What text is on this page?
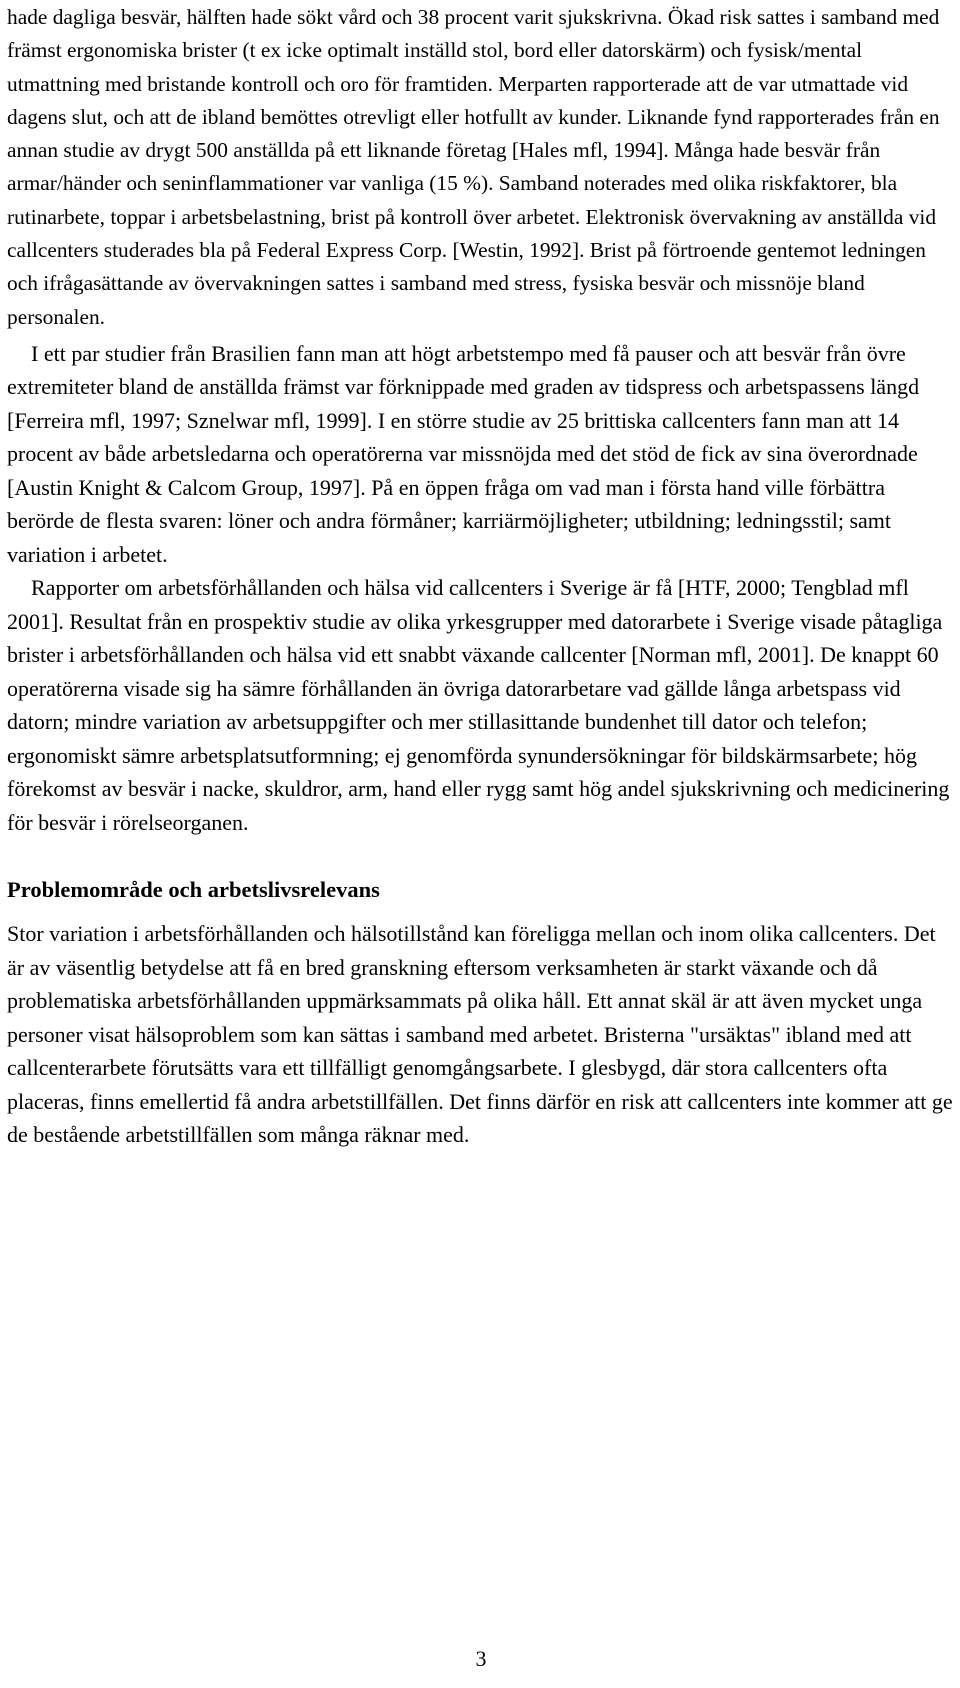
hade dagliga besvär, hälften hade sökt vård och 38 procent varit sjukskrivna. Ökad risk sattes i samband med främst ergonomiska brister (t ex icke optimalt inställd stol, bord eller datorskärm) och fysisk/mental utmattning med bristande kontroll och oro för framtiden. Merparten rapporterade att de var utmattade vid dagens slut, och att de ibland bemöttes otrevligt eller hotfullt av kunder. Liknande fynd rapporterades från en annan studie av drygt 500 anställda på ett liknande företag [Hales mfl, 1994]. Många hade besvär från armar/händer och seninflammationer var vanliga (15 %). Samband noterades med olika riskfaktorer, bla rutinarbete, toppar i arbetsbelastning, brist på kontroll över arbetet. Elektronisk övervakning av anställda vid callcenters studerades bla på Federal Express Corp. [Westin, 1992]. Brist på förtroende gentemot ledningen och ifrågasättande av övervakningen sattes i samband med stress, fysiska besvär och missnöje bland personalen.

I ett par studier från Brasilien fann man att högt arbetstempo med få pauser och att besvär från övre extremiteter bland de anställda främst var förknippade med graden av tidspress och arbetspassens längd [Ferreira mfl, 1997; Sznelwar mfl, 1999]. I en större studie av 25 brittiska callcenters fann man att 14 procent av både arbetsledarna och operatörerna var missnöjda med det stöd de fick av sina överordnade [Austin Knight & Calcom Group, 1997]. På en öppen fråga om vad man i första hand ville förbättra berörde de flesta svaren: löner och andra förmåner; karriärmöjligheter; utbildning; ledningsstil; samt variation i arbetet.

Rapporter om arbetsförhållanden och hälsa vid callcenters i Sverige är få [HTF, 2000; Tengblad mfl 2001]. Resultat från en prospektiv studie av olika yrkesgrupper med datorarbete i Sverige visade påtagliga brister i arbetsförhållanden och hälsa vid ett snabbt växande callcenter [Norman mfl, 2001]. De knappt 60 operatörerna visade sig ha sämre förhållanden än övriga datorarbetare vad gällde långa arbetspass vid datorn; mindre variation av arbetsuppgifter och mer stillasittande bundenhet till dator och telefon; ergonomiskt sämre arbetsplatsutformning; ej genomförda synundersökningar för bildskärmsarbete; hög förekomst av besvär i nacke, skuldror, arm, hand eller rygg samt hög andel sjukskrivning och medicinering för besvär i rörelseorganen.

Problemområde och arbetslivsrelevans

Stor variation i arbetsförhållanden och hälsotillstånd kan föreligga mellan och inom olika callcenters. Det är av väsentlig betydelse att få en bred granskning eftersom verksamheten är starkt växande och då problematiska arbetsförhållanden uppmärksammats på olika håll. Ett annat skäl är att även mycket unga personer visat hälsoproblem som kan sättas i samband med arbetet. Bristerna "ursäktas" ibland med att callcenterarbete förutsätts vara ett tillfälligt genomgångsarbete. I glesbygd, där stora callcenters ofta placeras, finns emellertid få andra arbetstillfällen. Det finns därför en risk att callcenters inte kommer att ge de bestående arbetstillfällen som många räknar med.

3
